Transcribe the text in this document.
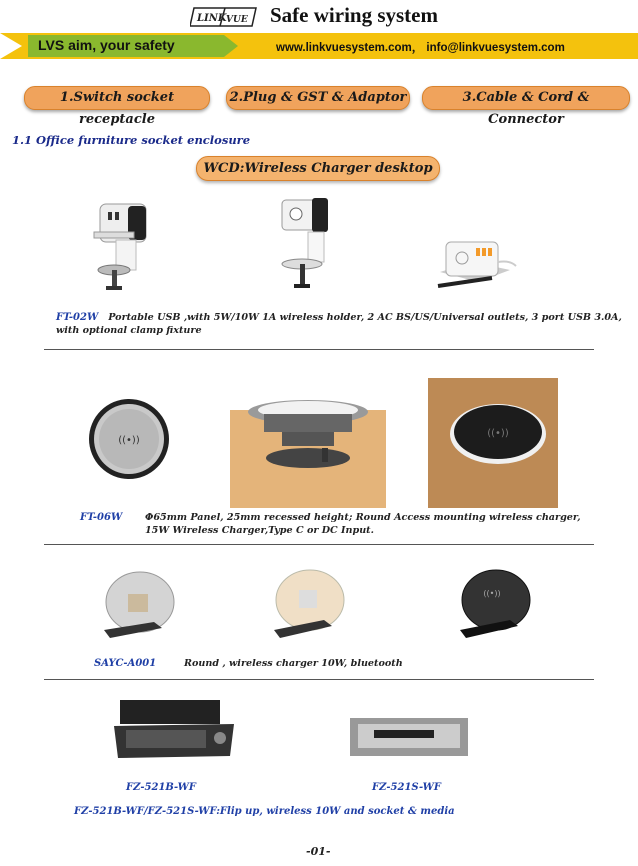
LINK VUE Safe wiring system
LVS aim, your safety	www.linkvuesystem.com， info@linkvuesystem.com
1.Switch socket receptacle
2.Plug & GST & Adaptor	3.Cable & Cord & Connector
1.1 Office furniture socket enclosure
WCD:Wireless Charger desktop
FT-02W Portable USB ,with 5W/10W 1A wireless holder, 2 AC BS/US/Universal outlets, 3 port USB 3.0A,
with optional clamp fixture
((•))
((•))
FT-06W Φ65mm Panel, 25mm recessed height; Round Access mounting wireless charger,
15W Wireless Charger,Type C or DC Input.
((•))
SAYC-A001	Round , wireless charger 10W, bluetooth
FZ-521B-WF	FZ-521S-WF
FZ-521B-WF/FZ-521S-WF:Flip up, wireless 10W and socket & media
-01-
